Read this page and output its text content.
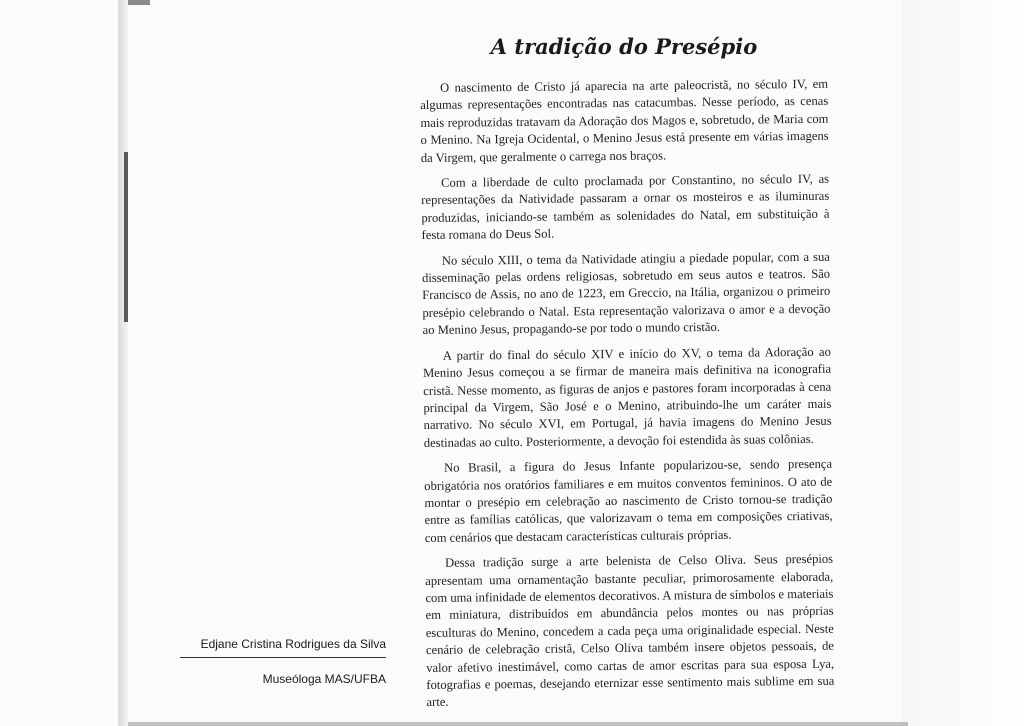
A tradição do Presépio

O nascimento de Cristo já aparecia na arte paleocristã, no século IV, em algumas representações encontradas nas catacumbas. Nesse período, as cenas mais reproduzidas tratavam da Adoração dos Magos e, sobretudo, de Maria com o Menino. Na Igreja Ocidental, o Menino Jesus está presente em várias imagens da Virgem, que geralmente o carrega nos braços.

Com a liberdade de culto proclamada por Constantino, no século IV, as representações da Natividade passaram a ornar os mosteiros e as iluminuras produzidas, iniciando-se também as solenidades do Natal, em substituição à festa romana do Deus Sol.

No século XIII, o tema da Natividade atingiu a piedade popular, com a sua disseminação pelas ordens religiosas, sobretudo em seus autos e teatros. São Francisco de Assis, no ano de 1223, em Greccio, na Itália, organizou o primeiro presépio celebrando o Natal. Esta representação valorizava o amor e a devoção ao Menino Jesus, propagando-se por todo o mundo cristão.

A partir do final do século XIV e início do XV, o tema da Adoração ao Menino Jesus começou a se firmar de maneira mais definitiva na iconografia cristã. Nesse momento, as figuras de anjos e pastores foram incorporadas à cena principal da Virgem, São José e o Menino, atribuindo-lhe um caráter mais narrativo. No século XVI, em Portugal, já havia imagens do Menino Jesus destinadas ao culto. Posteriormente, a devoção foi estendida às suas colônias.

No Brasil, a figura do Jesus Infante popularizou-se, sendo presença obrigatória nos oratórios familiares e em muitos conventos femininos. O ato de montar o presépio em celebração ao nascimento de Cristo tornou-se tradição entre as famílias católicas, que valorizavam o tema em composições criativas, com cenários que destacam características culturais próprias.

Dessa tradição surge a arte belenista de Celso Oliva. Seus presépios apresentam uma ornamentação bastante peculiar, primorosamente elaborada, com uma infinidade de elementos decorativos. A mistura de símbolos e materiais em miniatura, distribuídos em abundância pelos montes ou nas próprias esculturas do Menino, concedem a cada peça uma originalidade especial. Neste cenário de celebração cristã, Celso Oliva também insere objetos pessoais, de valor afetivo inestimável, como cartas de amor escritas para sua esposa Lya, fotografias e poemas, desejando eternizar esse sentimento mais sublime em sua arte.

Edjane Cristina Rodrigues da Silva
Museóloga MAS/UFBA
